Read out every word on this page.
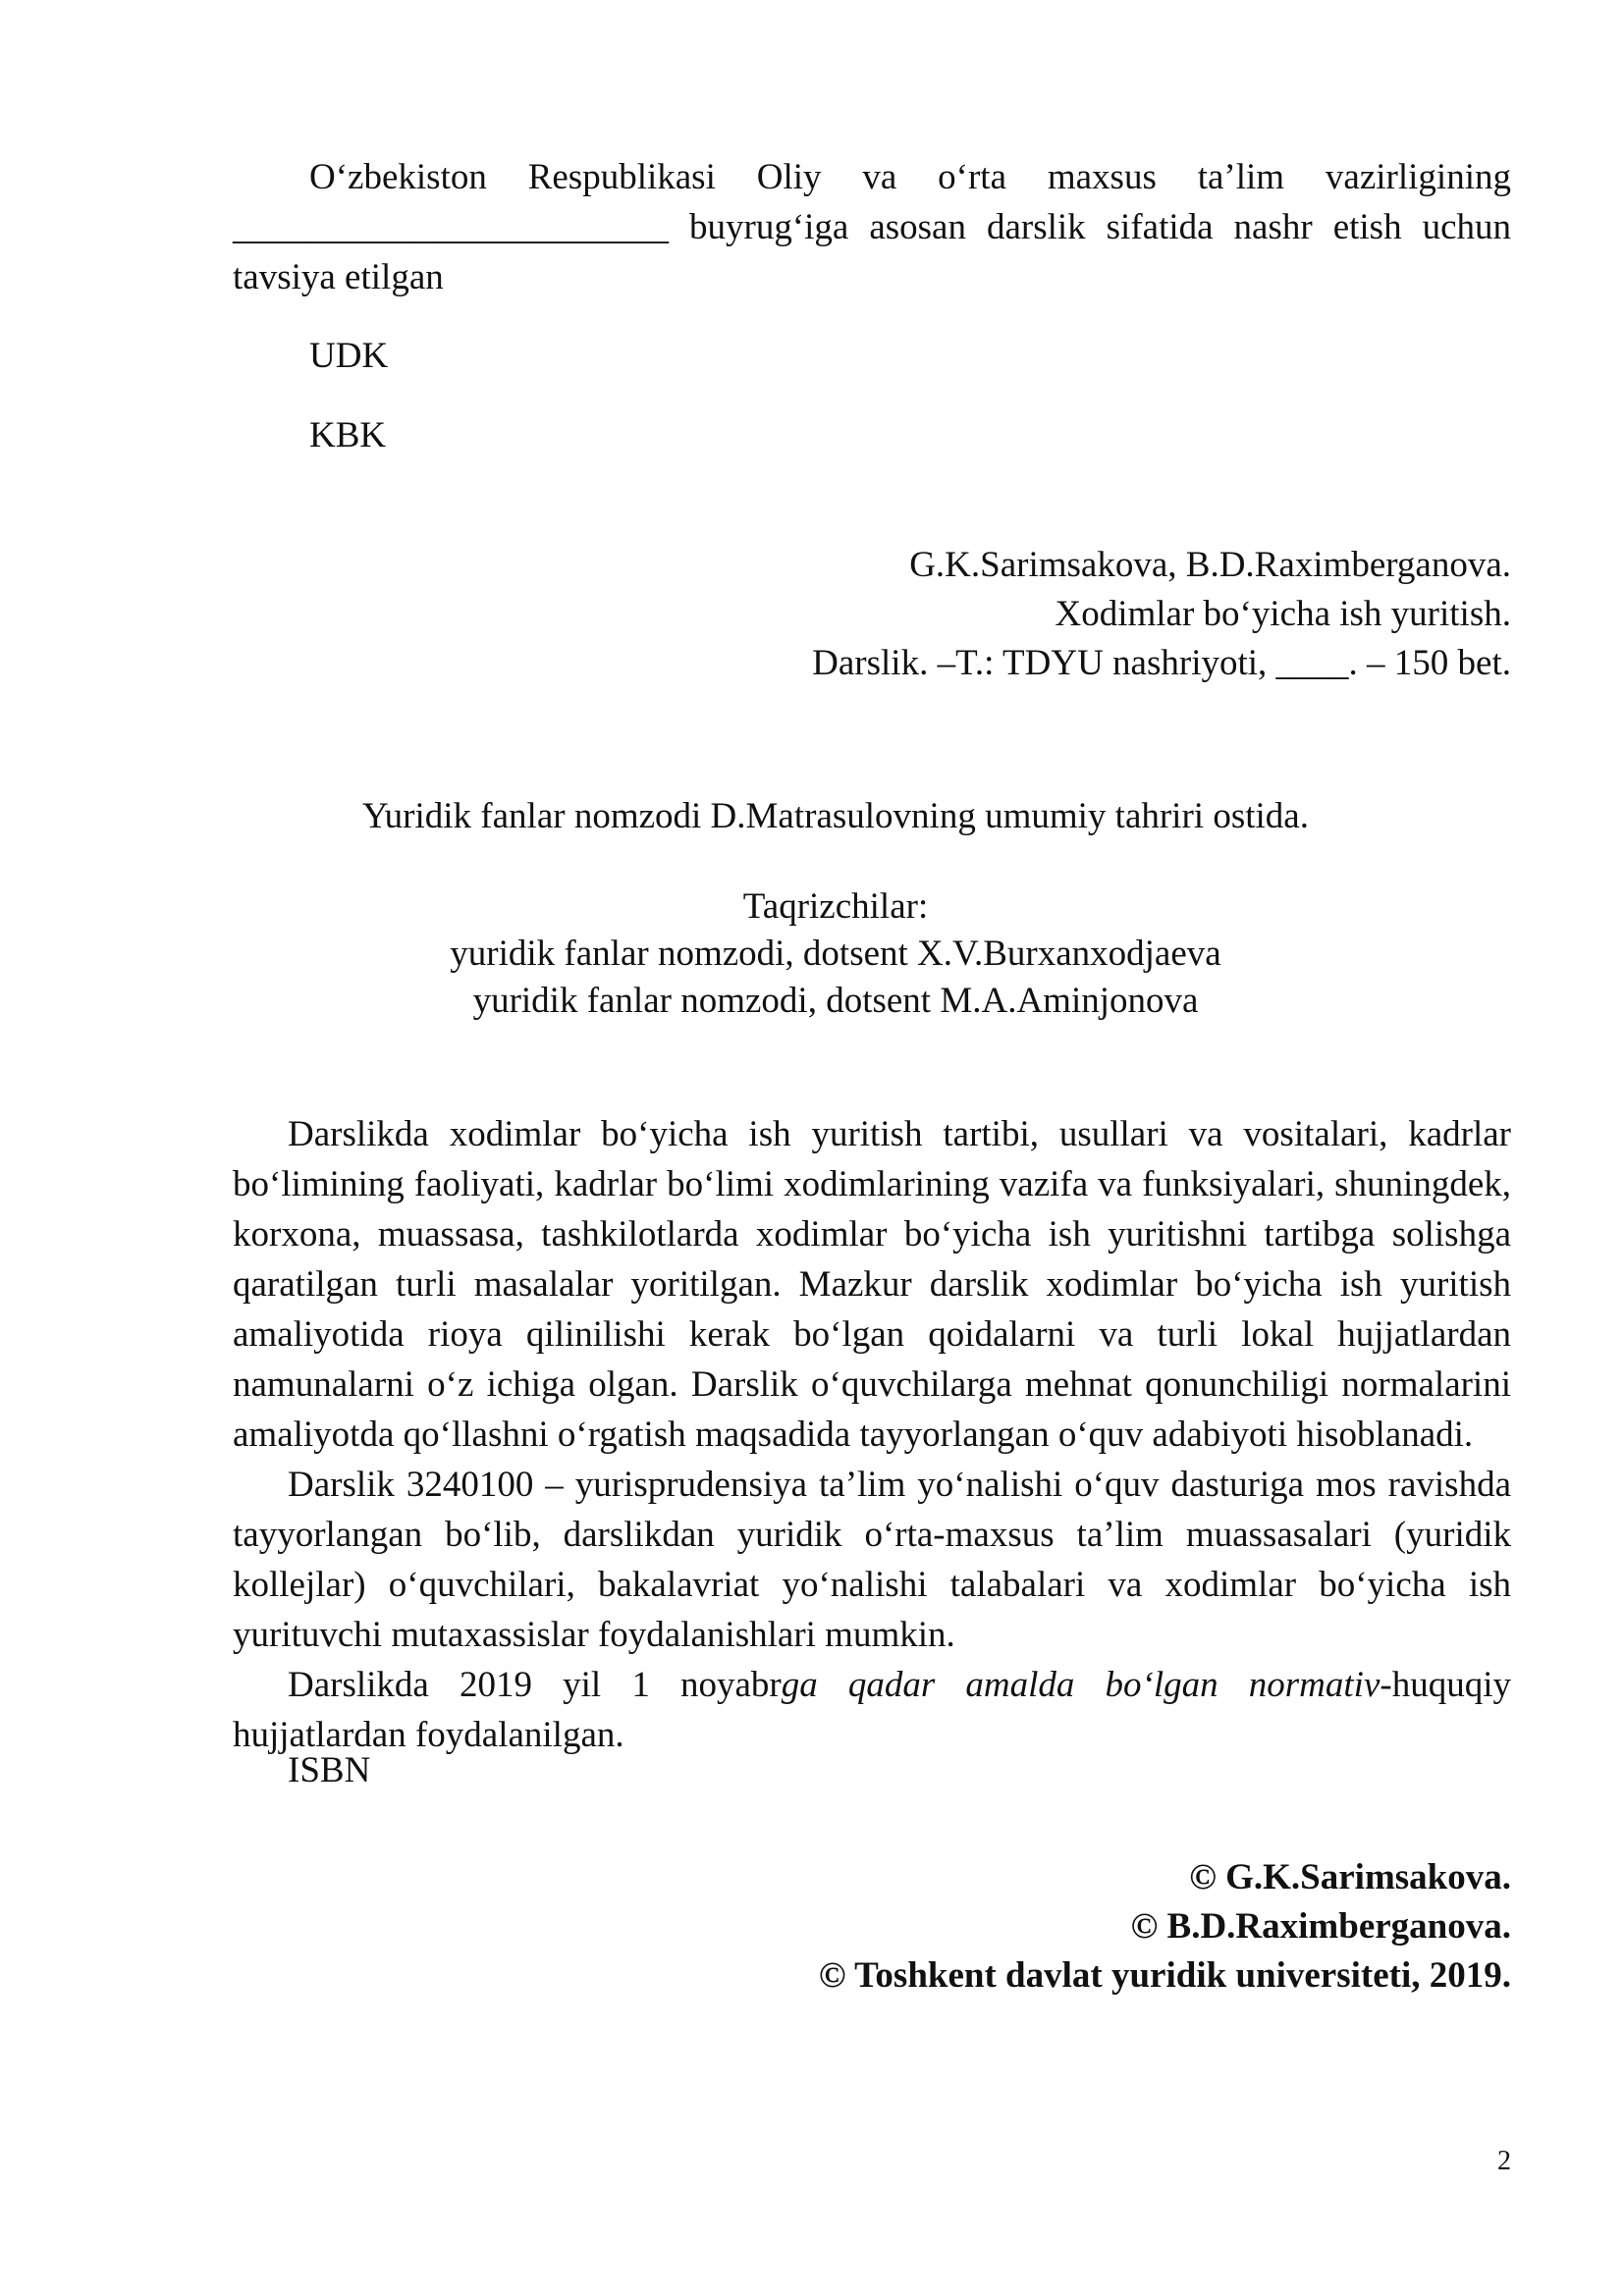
O‘zbekiston Respublikasi Oliy va o‘rta maxsus ta’lim vazirligining
________________________ buyrug‘iga asosan darslik sifatida nashr etish uchun
tavsiya etilgan
UDK
KBK
G.K.Sarimsakova, B.D.Raximberganova.
Xodimlar bo‘yicha ish yuritish.
Darslik. –T.: TDYU nashriyoti, ____. – 150 bet.
Yuridik fanlar nomzodi D.Matrasulovning umumiy tahriri ostida.
Taqrizchilar:
yuridik fanlar nomzodi, dotsent X.V.Burxanxodjaeva
yuridik fanlar nomzodi, dotsent M.A.Aminjonova

Darslikda xodimlar bo‘yicha ish yuritish tartibi, usullari va vositalari, kadrlar bo‘limining faoliyati, kadrlar bo‘limi xodimlarining vazifa va funksiyalari, shuningdek, korxona, muassasa, tashkilotlarda xodimlar bo‘yicha ish yuritishni tartibga solishga qaratilgan turli masalalar yoritilgan. Mazkur darslik xodimlar bo‘yicha ish yuritish amaliyotida rioya qilinilishi kerak bo‘lgan qoidalarni va turli lokal hujjatlardan namunalarni o‘z ichiga olgan. Darslik o‘quvchilarga mehnat qonunchiligi normalarini amaliyotda qo‘llashni o‘rgatish maqsadida tayyorlangan o‘quv adabiyoti hisoblanadi.

Darslik 3240100 – yurisprudensiya ta’lim yo‘nalishi o‘quv dasturiga mos ravishda tayyorlangan bo‘lib, darslikdan yuridik o‘rta-maxsus ta’lim muassasalari (yuridik kollejlar) o‘quvchilari, bakalavriat yo‘nalishi talabalari va xodimlar bo‘yicha ish yurituvchi mutaxassislar foydalanishlari mumkin.

Darslikda 2019 yil 1 noyabrga qadar amalda bo‘lgan normativ-huquqiy hujjatlardan foydalanilgan.

ISBN
© G.K.Sarimsakova.
© B.D.Raximberganova.
© Toshkent davlat yuridik universiteti, 2019.
2
